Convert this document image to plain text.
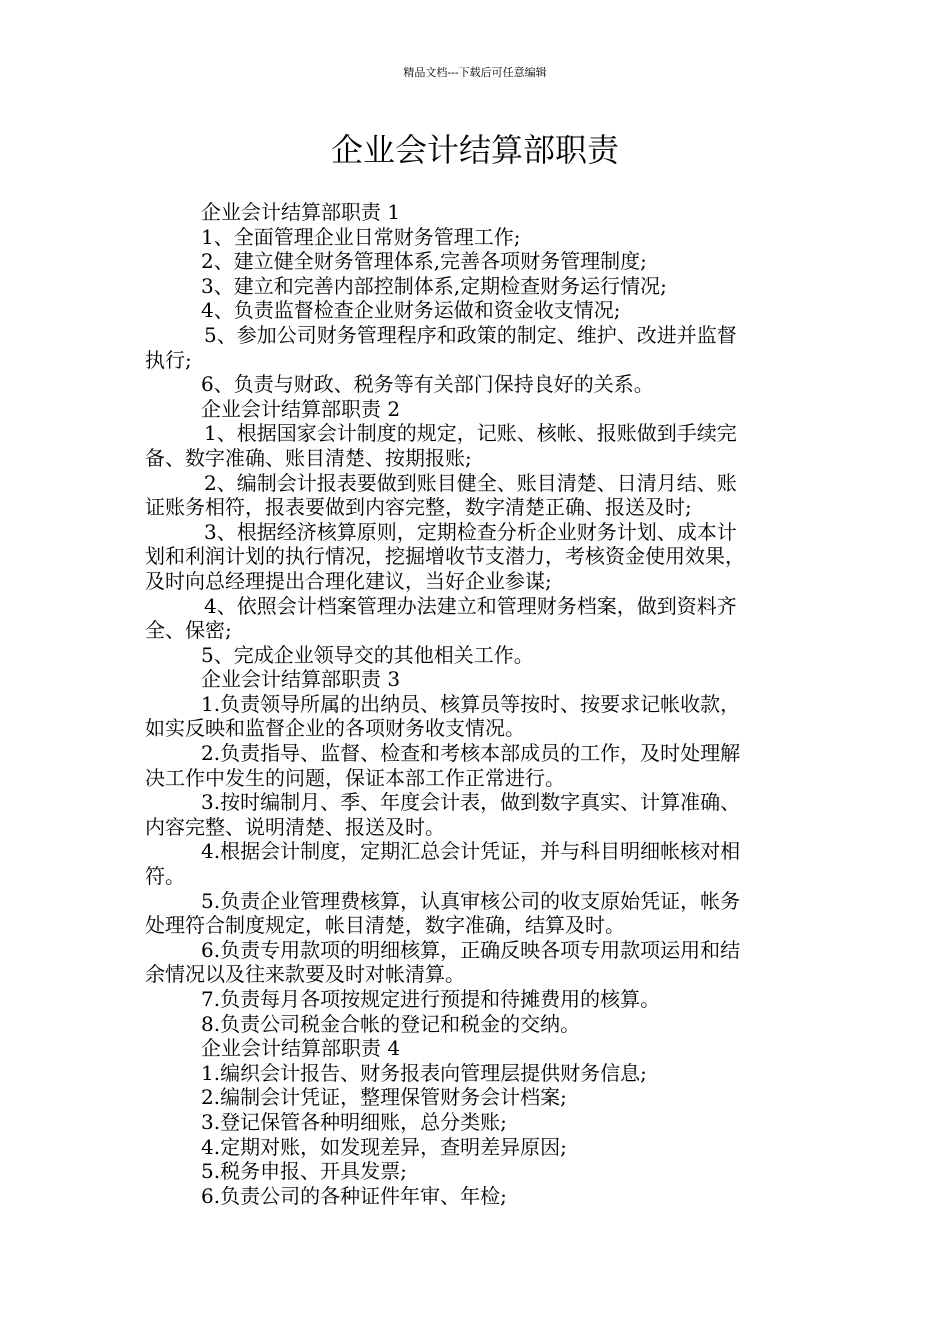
精品文档---下载后可任意编辑
企业会计结算部职责

企业会计结算部职责 1

1、全面管理企业日常财务管理工作;

2、建立健全财务管理体系,完善各项财务管理制度;

3、建立和完善内部控制体系,定期检查财务运行情况;

4、负责监督检查企业财务运做和资金收支情况;

5、参加公司财务管理程序和政策的制定、维护、改进并监督

执行;

6、负责与财政、税务等有关部门保持良好的关系。

企业会计结算部职责 2

1、根据国家会计制度的规定，记账、核帐、报账做到手续完

备、数字准确、账目清楚、按期报账;

2、编制会计报表要做到账目健全、账目清楚、日清月结、账

证账务相符，报表要做到内容完整，数字清楚正确、报送及时;

3、根据经济核算原则，定期检查分析企业财务计划、成本计

划和利润计划的执行情况，挖掘增收节支潜力，考核资金使用效果，

及时向总经理提出合理化建议，当好企业参谋;

4、依照会计档案管理办法建立和管理财务档案，做到资料齐

全、保密;

5、完成企业领导交的其他相关工作。

企业会计结算部职责 3

1.负责领导所属的出纳员、核算员等按时、按要求记帐收款，

如实反映和监督企业的各项财务收支情况。

2.负责指导、监督、检查和考核本部成员的工作，及时处理解

决工作中发生的问题，保证本部工作正常进行。

3.按时编制月、季、年度会计表，做到数字真实、计算准确、

内容完整、说明清楚、报送及时。

4.根据会计制度，定期汇总会计凭证，并与科目明细帐核对相

符。

5.负责企业管理费核算，认真审核公司的收支原始凭证，帐务

处理符合制度规定，帐目清楚，数字准确，结算及时。

6.负责专用款项的明细核算，正确反映各项专用款项运用和结

余情况以及往来款要及时对帐清算。

7.负责每月各项按规定进行预提和待摊费用的核算。

8.负责公司税金合帐的登记和税金的交纳。

企业会计结算部职责 4

1.编织会计报告、财务报表向管理层提供财务信息;

2.编制会计凭证，整理保管财务会计档案;

3.登记保管各种明细账，总分类账;

4.定期对账，如发现差异，查明差异原因;

5.税务申报、开具发票;

6.负责公司的各种证件年审、年检;
